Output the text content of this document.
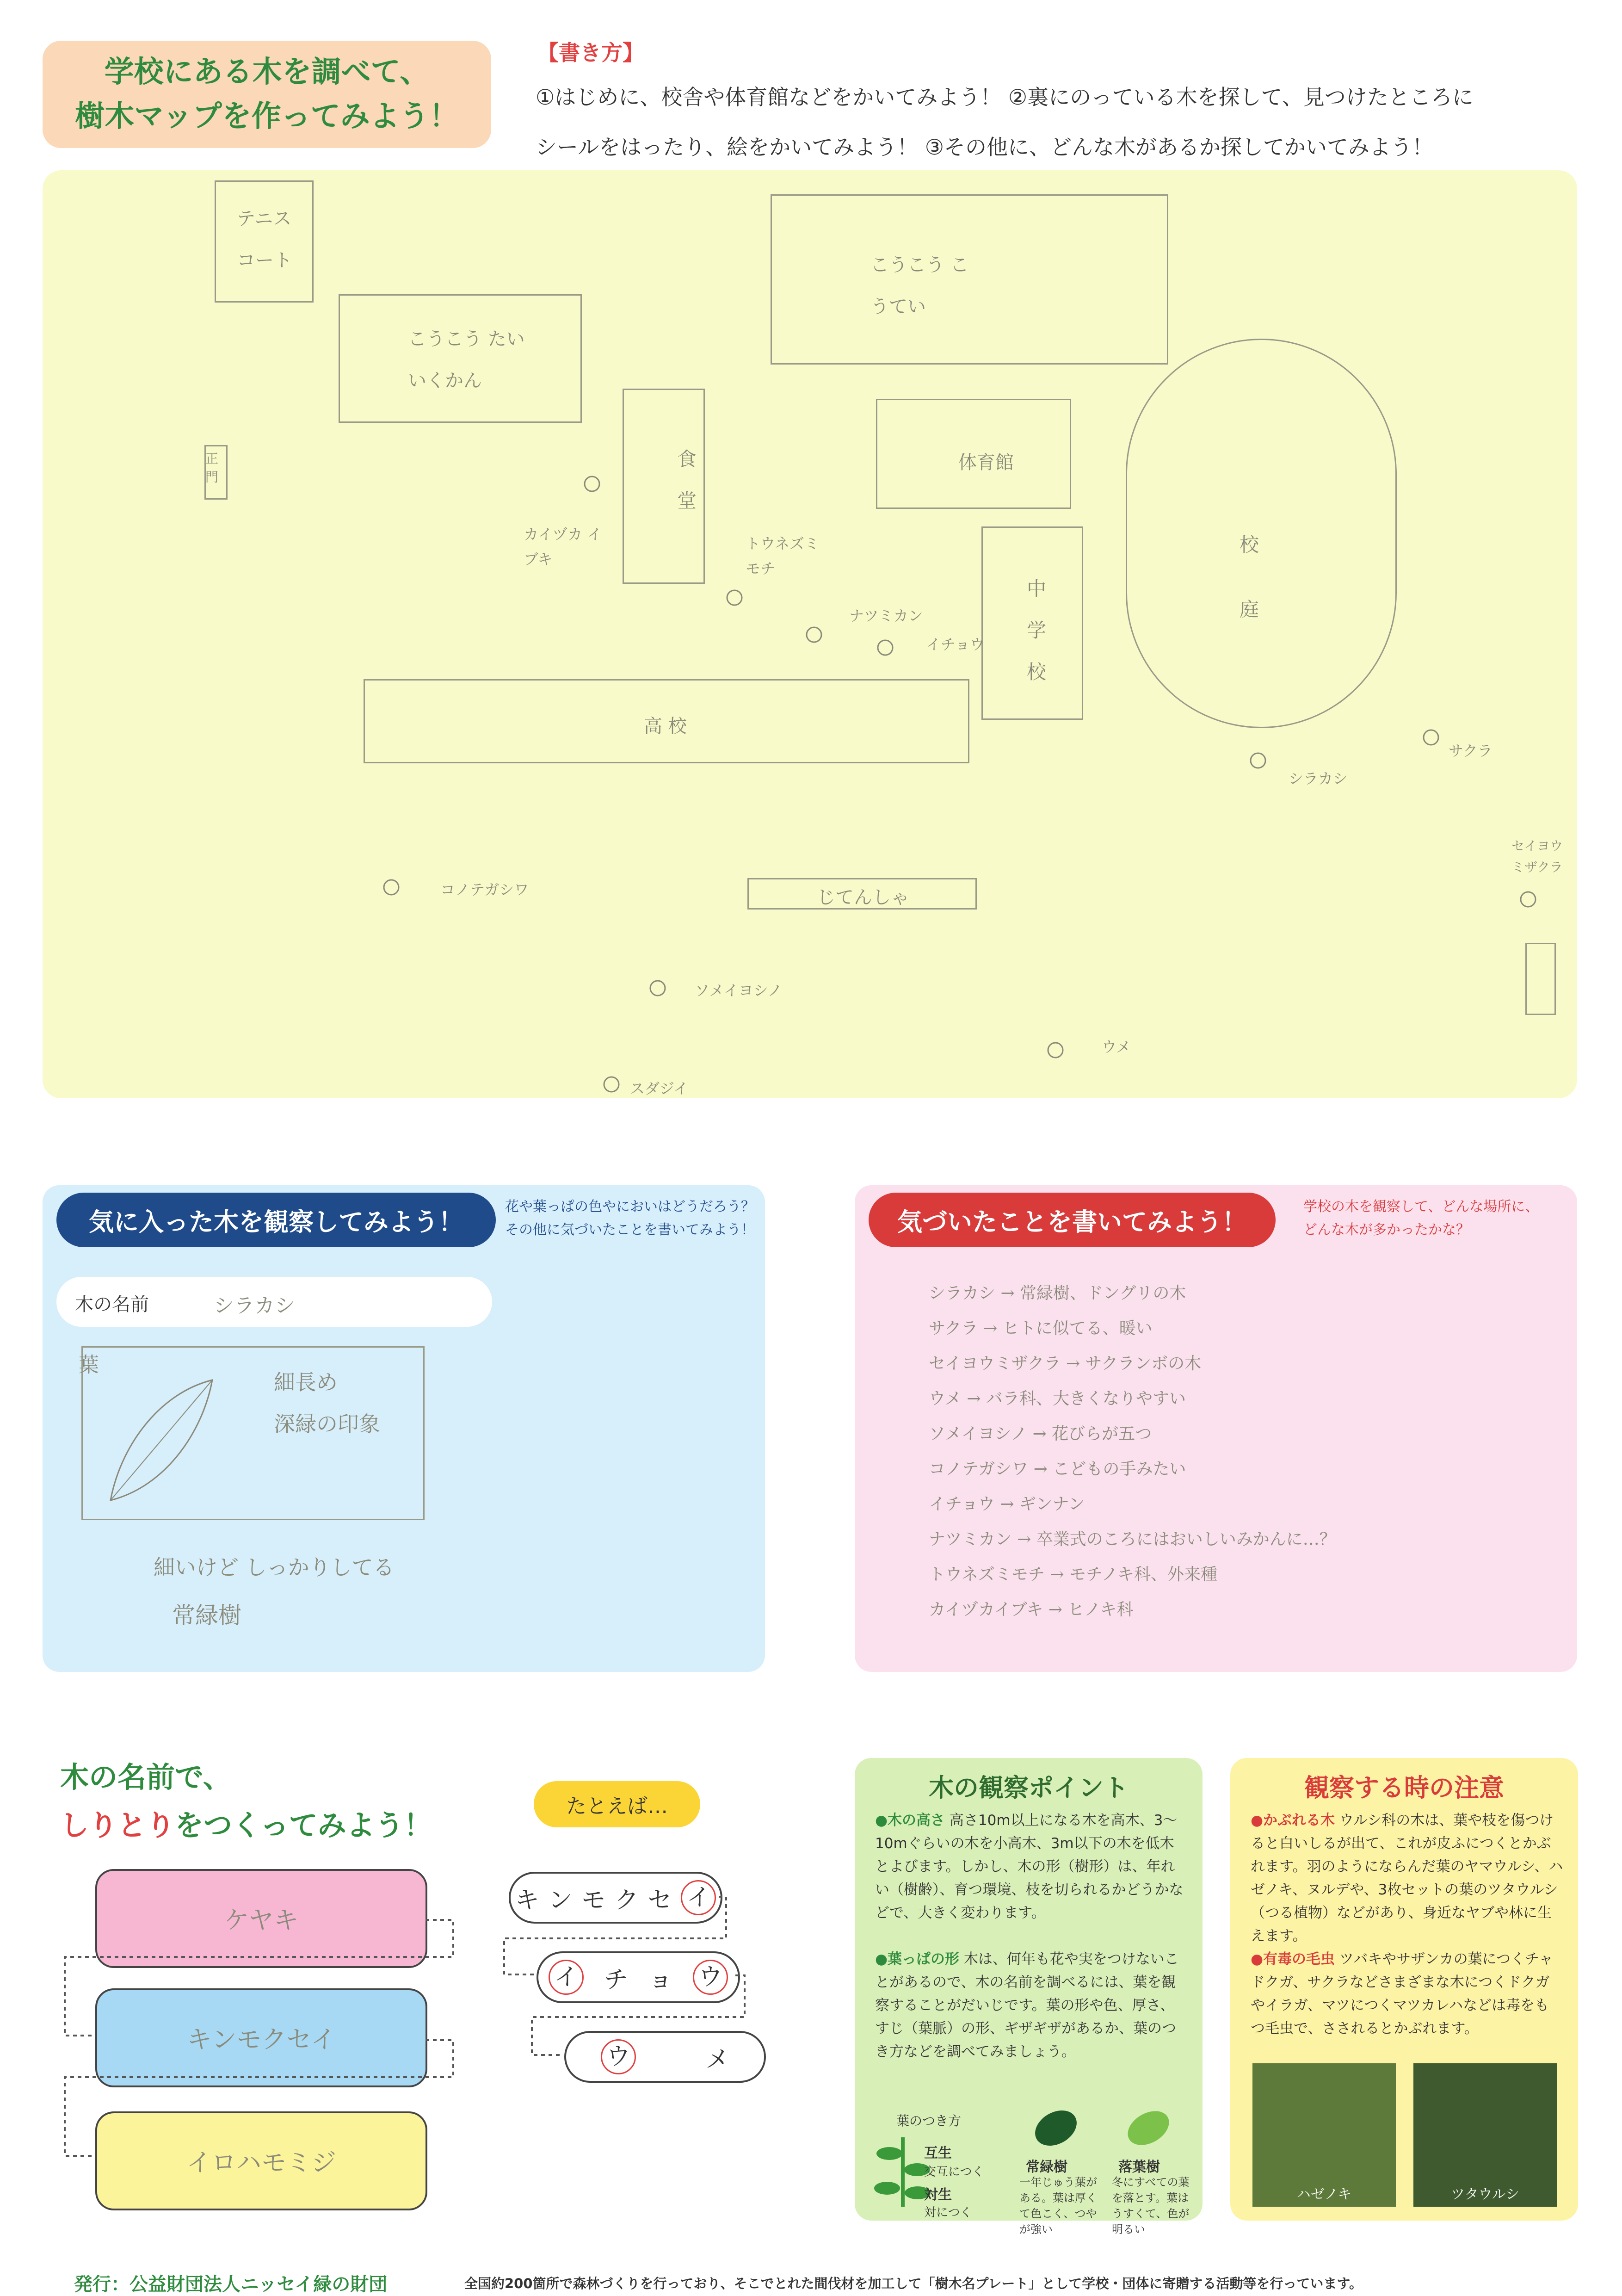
学校にある木を調べて、
樹木マップを作ってみよう！
【書き方】
①はじめに、校舎や体育館などをかいてみよう！ ②裏にのっている木を探して、見つけたところに
シールをはったり、絵をかいてみよう！ ③その他に、どんな木があるか探してかいてみよう！
テニス コート
こうこう たいいくかん
こうこう こうてい
食 堂
体育館
中 学 校
校 庭
高 校
じてんしゃ
正門
カイヅカ イブキ
トウネズミ モチ
ナツミカン
イチョウ
シラカシ
サクラ
セイヨウ ミザクラ
コノテガシワ
ソメイヨシノ
ウメ
スダジイ
気に入った木を観察してみよう！
花や葉っぱの色やにおいはどうだろう？
その他に気づいたことを書いてみよう！
木の名前	シラカシ
葉
細長め
深緑の印象
細いけど しっかりしてる
常緑樹
気づいたことを書いてみよう！
学校の木を観察して、どんな場所に、
どんな木が多かったかな？
シラカシ → 常緑樹、ドングリの木
サクラ → ヒトに似てる、暖い
セイヨウミザクラ → サクランボの木
ウメ → バラ科、大きくなりやすい
ソメイヨシノ → 花びらが五つ
コノテガシワ → こどもの手みたい
イチョウ → ギンナン
ナツミカン → 卒業式のころにはおいしいみかんに…？
トウネズミモチ → モチノキ科、外来種
カイヅカイブキ → ヒノキ科
木の名前で、
しりとりをつくってみよう！
ケヤキ
キンモクセイ
イロハモミジ
たとえば…
キ ン モ ク セ イ
イ チ ョ ウ
ウ	メ
木の観察ポイント
●木の高さ 高さ10m以上になる木を高木、3〜10mぐらいの木を小高木、3m以下の木を低木とよびます。しかし、木の形（樹形）は、年れい（樹齢）、育つ環境、枝を切られるかどうかなどで、大きく変わります。
●葉っぱの形 木は、何年も花や実をつけないことがあるので、木の名前を調べるには、葉を観察することがだいじです。葉の形や色、厚さ、すじ（葉脈）の形、ギザギザがあるか、葉のつき方などを調べてみましょう。
葉のつき方
互生
交互につく
対生
対につく
常緑樹
一年じゅう葉がある。葉は厚くて色こく、つやが強い
落葉樹
冬にすべての葉を落とす。葉はうすくて、色が明るい
観察する時の注意
●かぶれる木 ウルシ科の木は、葉や枝を傷つけると白いしるが出て、これが皮ふにつくとかぶれます。羽のようにならんだ葉のヤマウルシ、ハゼノキ、ヌルデや、3枚セットの葉のツタウルシ（つる植物）などがあり、身近なヤブや林に生えます。
●有毒の毛虫 ツバキやサザンカの葉につくチャドクガ、サクラなどさまざまな木につくドクガやイラガ、マツにつくマツカレハなどは毒をもつ毛虫で、さされるとかぶれます。
ハゼノキ	ツタウルシ
発行：公益財団法人ニッセイ緑の財団	全国約200箇所で森林づくりを行っており、そこでとれた間伐材を加工して「樹木名プレート」として学校・団体に寄贈する活動等を行っています。
